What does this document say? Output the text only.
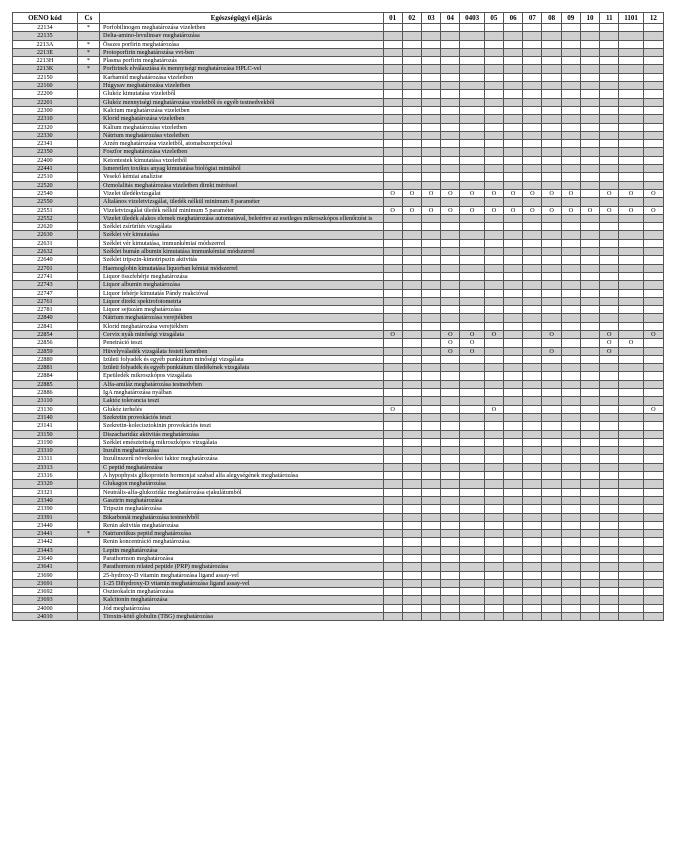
OENO kód	Cs	Egészségügyi eljárás	01	02	03	04	0403	05	06	07	08	09	10	11	1101	12
22134	*	Porfobilinogen meghatározása vizeletben														
22135		Delta-amino-levulinsav meghatározása														
2213A	*	Összes porfirin meghatározása														
2213E	*	Protoporfirin meghatározása vvt-ben														
2213H	*	Plasma porfirin meghatározás														
2213K	*	Porfirinek elválasztása és mennyiségi meghatározása HPLC-vel														
22150		Karbamid meghatározása vizeletben														
22160		Húgysav meghatározása vizeletben														
22200		Glukóz kimutatása vizeletből														
22201		Glukóz mennyiségi meghatározása vizeletből és egyéb testnedvekből														
22300		Kalcium meghatározása vizeletben														
22310		Klorid meghatározása vizeletben														
22320		Kálium meghatározása vizeletben														
22330		Nátrium meghatározása vizeletben														
22341		Arzén meghatározása vizeletből, atomabszorpcióval														
22350		Foszfor meghatározása vizeletben														
22400		Ketontestek kimutatása vizeletből														
22441		Ismeretlen toxikus anyag kimutatása biológiai mintából														
22510		Vesekő kémiai analízise														
22520		Ozmolalitás meghatározása vizeletben direkt méréssel														
22540		Vizelet üledékvizsgálat	O	O	O	O	O	O	O	O	O	O		O	O	O
22550		Általános vizeletvizsgálat, üledék nélkül minimum 8 paraméter														
22551		Vizeletvizsgálat üledék nélkül minimum 5 paraméter	O	O	O	O	O	O	O	O	O	O	O	O	O	O
22552		Vizelet üledék alakos elemek meghatározása automatával, beleértve az esetleges mikroszkópos ellenőrzést is														
22620		Széklet zsírürítés vizsgálata														
22630		Széklet vér kimutatása														
22631		Széklet vér kimutatása, immunkémiai módszerrel														
22632		Széklet humán albumin kimutatása immunkémiai módszerrel														
22640		Széklet tripszin-kimotripszin aktivitás														
22701		Haemoglobin kimutatása liquorban kémiai módszerrel														
22741		Liquor összfehérje meghatározása														
22743		Liquor albumin meghatározása														
22747		Liquor fehérje kimutatás Pándy reakcióval														
22761		Liquor direkt spektrofotometria														
22781		Liquor sejtszám meghatározása														
22840		Nátrium meghatározása verejtékben														
22841		Klorid meghatározása verejtékben														
22854		Cervix nyák minőségi vizsgálata	O			O	O	O			O			O		O
22856		Penetráció teszt				O	O							O	O	
22859		Hüvelyváladék vizsgálata festett kenetben				O	O				O			O		
22880		Izületi folyadék és egyéb punktátum minőségi vizsgálata														
22881		Izületi folyadék és egyéb punktátum üledékének vizsgálata														
22884		Epeüledék mikroszkópos vizsgálata														
22885		Alfa-amiláz meghatározása testnedvben														
22886		IgA meghatározása nyálban														
23110		Laktóz tolerancia teszt														
23130		Glukóz terhelés	O					O								O
23140		Szekretin provokációs teszt														
23141		Szekretin-kolecisztokinin provokációs teszt														
23150		Diszacharidáz aktivitás meghatározása														
23190		Széklet emésztettség mikroszkópos vizsgálata														
23310		Inzulin meghatározása														
23311		Inzulinszerű növekedési faktor meghatározása														
23313		C peptid meghatározása														
23316		A hypophysis glikoprotein hormonjai szabad alfa alegységének meghatározása														
23320		Glukagon meghatározása														
23321		Neutrális-alfa-glukozidáz meghatározása ejakulátumból														
23340		Gasztrin meghatározása														
23390		Tripszin meghatározása														
23391		Bikarbonát meghatározása testnedvből														
23440		Renin aktivitás meghatározása														
23441	*	Natriuretikus peptid meghatározása														
23442		Renin koncentráció meghatározása														
23443		Leptin meghatározása														
23640		Parathormon meghatározása														
23641		Parathormon related peptide (PRP) meghatározása														
23690		25-hydroxy-D vitamin meghatározása ligand assay-vel														
23691		1-25 Dihydroxy-D vitamin meghatározása ligand assay-vel														
23692		Oszteokalcin meghatározása														
23693		Kalcitonin meghatározása														
24000		Jód meghatározása														
24010		Tiroxin-kötő globulin (TBG) meghatározása														
